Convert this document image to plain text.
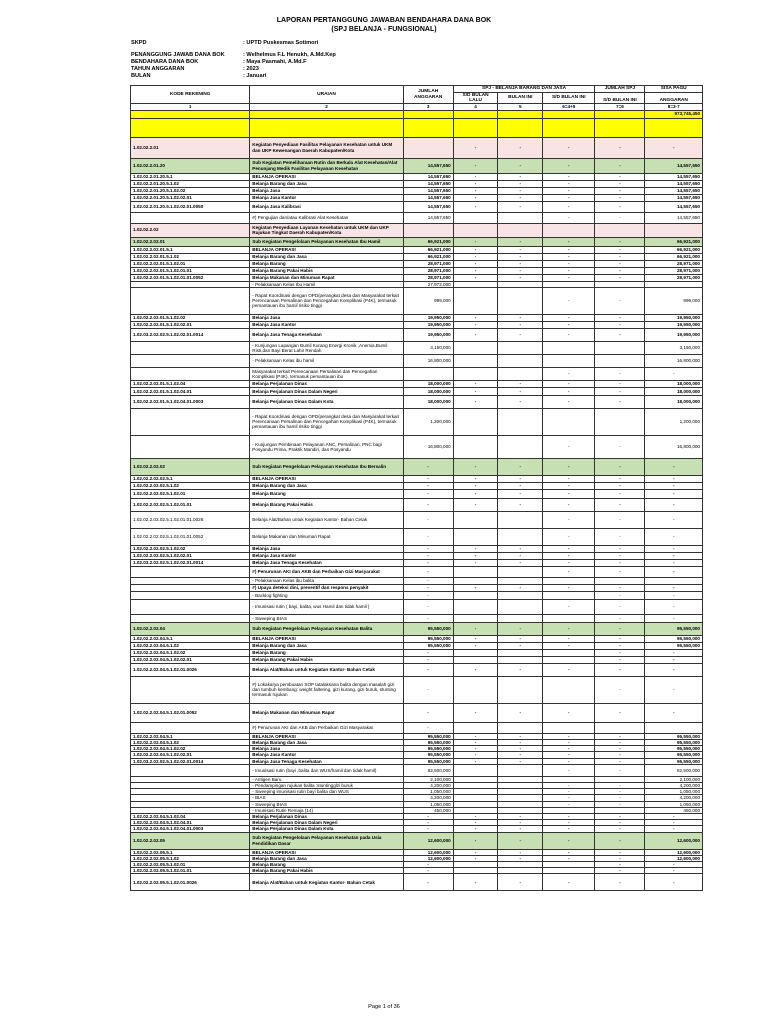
LAPORAN PERTANGGUNG JAWABAN BENDAHARA DANA BOK
(SPJ BELANJA - FUNGSIONAL)
SKPD	: UPTD Puskesmas Sotimori
PENANGGUNG JAWAB DANA BOK	: Welhelmus F.L Henukh, A.Md.Kep
BENDAHARA DANA BOK	: Maya Pasmahi, A.Md.F
TAHUN ANGGARAN	: 2023
BULAN	: Januari
KODE REKENING	URAIAN	JUMLAH ANGGARAN	SPJ - BELANJA BARANG DAN JASA			JUMLAH SPJ	SISA PAGU
			S/D BULAN LALU	BULAN INI	S/D BULAN INI	S/D BULAN INI	ANGGARAN

1	2	3	4	5	6=4+5	7=6	8=3-7
							973,745,450

1.02.02.2.01	Kegiatan Penyediaan Fasilitas Pelayanan Kesehatan untuk UKM dan UKP Kewenangan Daerah Kabupaten/Kota		-	-	-	-	-
1.02.02.2.01.20	Sub Kegiatan Pemeliharaan Rutin dan Berkala Alat Kesehatan/Alat Penunjang Medik Fasilitas Pelayanan Kesehatan	14,557,650	-	-	-	-	14,557,650
1.02.02.2.01.20.5.1	BELANJA OPERASI	14,557,650	-	-	-	-	14,557,650
1.02.02.2.01.20.5.1.02	Belanja Barang dan Jasa	14,557,650	-	-	-	-	14,557,650
1.02.02.2.01.20.5.1.02.02	Belanja Jasa	14,557,650	-	-	-	-	14,557,650
1.02.02.2.01.20.5.1.02.02.01	Belanja Jasa Kantor	14,557,650	-	-	-	-	14,557,650
1.02.02.2.01.20.5.1.02.02.01.0050	Belanja Jasa Kalibrasi	14,557,650	-	-	-	-	14,557,650
	#) Pengujian dan/atau Kalibrasi Alat Kesehatan	14,557,650			-	-	14,557,650
1.02.02.2.02	Kegiatan Penyediaan Layanan Kesehatan untuk UKM dan UKP Rujukan Tingkat Daerah Kabupaten/Kota						
1.02.02.2.02.01	Sub Kegiatan Pengelolaan Pelayanan Kesehatan Ibu Hamil	66,921,000	-	-	-	-	66,921,000
1.02.02.2.02.01.5.1	BELANJA OPERASI	66,921,000	-	-	-	-	66,921,000
1.02.02.2.02.01.5.1.02	Belanja Barang dan Jasa	66,921,000	-	-	-	-	66,921,000
1.02.02.2.02.01.5.1.02.01	Belanja Barang	28,971,000	-	-	-	-	28,971,000
1.02.02.2.02.01.5.1.02.01.01	Belanja Barang Pakai Habis	28,971,000	-	-	-	-	28,971,000
1.02.02.2.02.01.5.1.02.01.01.0052	Belanja Makanan dan Minuman Rapat	28,971,000	-	-	-	-	28,971,000
	- Pelaksanaan Kelas Ibu Hamil	27,972,000					
	- Rapat Koordinasi dengan OPD/perangkat desa dan Masyarakat terkait Perencanaan Persalinan dan Pencegahan Komplikasi (P4K), termasuk pemantauan ibu hamil risiko tinggi	999,000			-	-	999,000
1.02.02.2.02.01.5.1.02.02	Belanja Jasa	19,950,000	-	-	-	-	19,950,000
1.02.02.2.02.01.5.1.02.02.01	Belanja Jasa Kantor	19,950,000	-	-	-	-	19,950,000
1.02.03.2.02.02.5.1.02.02.01.0014	Belanja Jasa Tenaga Kesehatan	19,950,000	-	-	-	-	19,950,000
	- Kunjungan Lapangan Bumil Kurang Energi Kronik ,Anemia,Bumil Risti,dan Bayi Berat Lahir Rendah	3,150,000					3,150,000
	- Pelaksanaan Kelas ibu hamil	16,800,000					16,800,000
	Masyarakat terkait Perencanaan Persalinan dan Pencegahan Komplikasi (P4K), termasuk pemantauan ibu				-	-	-
1.02.02.2.02.01.5.1.02.04	Belanja Perjalanan Dinas	18,000,000	-	-	-	-	18,000,000
1.02.02.2.02.01.5.1.02.04.01	Belanja Perjalanan Dinas Dalam Negeri	18,000,000	-	-	-	-	18,000,000
1.02.02.2.02.01.5.1.02.04.01.0003	Belanja Perjalanan Dinas Dalam Kota	18,000,000	-	-	-	-	18,000,000
	- Rapat Koordinasi dengan OPD/perangkat desa dan Masyarakat terkait Perencanaan Persalinan dan Pencegahan Komplikasi (P4K), termasuk pemantauan ibu hamil risiko tinggi	1,200,000					1,200,000
	- Kunjungan Pembinaan Pelayanan ANC, Persalinan, PNC bagi Posyandu Prima, Praktik Mandiri, dan Posyandu	16,800,000			-	-	16,800,000
1.02.02.2.02.02	Sub Kegiatan Pengelolaan Pelayanan Kesehatan Ibu Bersalin	-	-	-	-	-	-
1.02.02.2.02.02.5.1	BELANJA OPERASI	-	-	-	-	-	-
1.02.02.2.02.02.5.1.02	Belanja Barang dan Jasa	-	-	-	-	-	-
1.02.02.2.02.02.5.1.02.01	Belanja Barang	-	-	-	-	-	-
1.02.02.2.02.02.5.1.02.01.01	Belanja Barang Pakai Habis	-	-	-	-	-	-
1.02.02.2.02.02.5.1.02.01.01.0026	Belanja Alat/Bahan untuk Kegiatan Kantor- Bahan Cetak	-			-	-	-
1.02.02.2.02.02.5.1.02.01.01.0052	Belanja Makanan dan Minuman Rapat	-			-	-	-
1.02.02.2.02.02.5.1.02.02	Belanja Jasa	-	-	-	-	-	-
1.02.02.2.02.02.5.1.02.02.01	Belanja Jasa Kantor	-	-	-	-	-	-
1.02.03.2.02.02.5.1.02.02.01.0014	Belanja Jasa Tenaga Kesehatan	-	-	-	-	-	-
	#) Penurunan AKI dan AKB dan Perbaikan Gizi Masyarakat	-			-	-	-
	- Pelaksanaan Kelas ibu balita	-					
	#) Upaya deteksi dini, preventif dan respons penyakit	-	-	-	-	-	-
	- Backlog fighting	-				-	-
	- Imunisasi rutin ( bayi, balita, wus Hamil dan tidak hamil )	-			-	-	-
	- Sweeping BIAS	-				-	-
1.02.02.2.02.04	Sub Kegiatan Pengelolaan Pelayanan Kesehatan Balita	95,550,000	-	-	-	-	95,550,000
1.02.02.2.02.04.5.1	BELANJA OPERASI	95,550,000	-	-	-	-	95,550,000
1.02.02.2.02.04.5.1.02	Belanja Barang dan Jasa	95,550,000	-	-	-	-	95,550,000
1.02.02.2.02.04.5.1.02.02	Belanja Barang	-				-	-
1.02.02.2.02.04.5.1.02.02.01	Belanja Barang Pakai Habis	-				-	-
1.02.02.2.02.04.5.1.02.01.0026	Belanja Alat/Bahan untuk Kegiatan Kantor- Bahan Cetak	-	-	-	-	-	-
	#) Lokakarya pembuatan SOP tatalaksana balita dengan masalah gizi dan tumbuh kembang: weight faltering, gizi kurang, gizi buruk, stunting termasuk rujukan	-				-	-
1.02.02.2.02.04.5.1.02.01.0052	Belanja Makanan dan Minuman Rapat	-	-	-	-	-	-
	#) Penurunan AKI dan AKB dan Perbaikan Gizi Masyarakat	-					
1.02.02.2.02.04.5.1	BELANJA OPERASI	95,550,000	-	-	-	-	95,550,000
1.02.02.2.02.04.5.1.02	Belanja Barang dan Jasa	95,550,000	-	-	-	-	95,550,000
1.02.02.2.02.04.5.1.02.02	Belanja Jasa	95,550,000	-	-	-	-	95,550,000
1.02.02.2.02.04.5.1.02.02.01	Belanja Jasa Kantor	95,550,000	-	-	-	-	95,550,000
1.02.03.2.02.02.5.1.02.02.01.0014	Belanja Jasa Tenaga Kesehatan	95,550,000	-	-	-	-	95,550,000
	- Imunisasi rutin (bayi ,balita dan WUS/hamil dan tidak hamil)	82,500,000			-	-	82,500,000
	- Antigen Baru	2,100,000					2,100,000
	- Pendampingan rujukan balita :stuntingglzi buruk	4,200,000			-	-	4,200,000
	- Sweeping imunisasi rutin bayi balita dan WUS	1,050,000			-	-	1,050,000
	- BIAS	4,200,000			-	-	4,200,000
	- Sweeping BIAS	1,050,000			-	-	1,050,000
	- Imunisasi Rutin Remaja (14)	450,000					450,000
1.02.02.2.02.04.5.1.02.04	Belanja Perjalanan Dinas	-	-	-	-	-	-
1.02.02.2.02.04.5.1.02.04.01	Belanja Perjalanan Dinas Dalam Negeri	-	-	-	-	-	-
1.02.02.2.02.04.5.1.02.04.01.0003	Belanja Perjalanan Dinas Dalam Kota	-	-	-	-	-	-
1.02.02.2.02.05	Sub Kegiatan Pengelolaan Pelayanan Kesehatan pada Usia Pendidikan Dasar	12,600,000	-	-	-	-	12,600,000
1.02.02.2.02.05.5.1	BELANJA OPERASI	12,600,000	-	-	-	-	12,600,000
1.02.02.2.02.05.5.1.02	Belanja Barang dan Jasa	12,600,000	-	-	-	-	12,600,000
1.02.02.2.02.05.5.1.02.01	Belanja Barang	-				-	-
1.02.02.2.02.05.5.1.02.01.01	Belanja Barang Pakai Habis	-				-	-
1.02.02.2.02.05.5.1.02.01.0026	Belanja Alat/Bahan untuk Kegiatan Kantor- Bahan Cetak	-	-	-	-	-	-
Page 1 of 36
